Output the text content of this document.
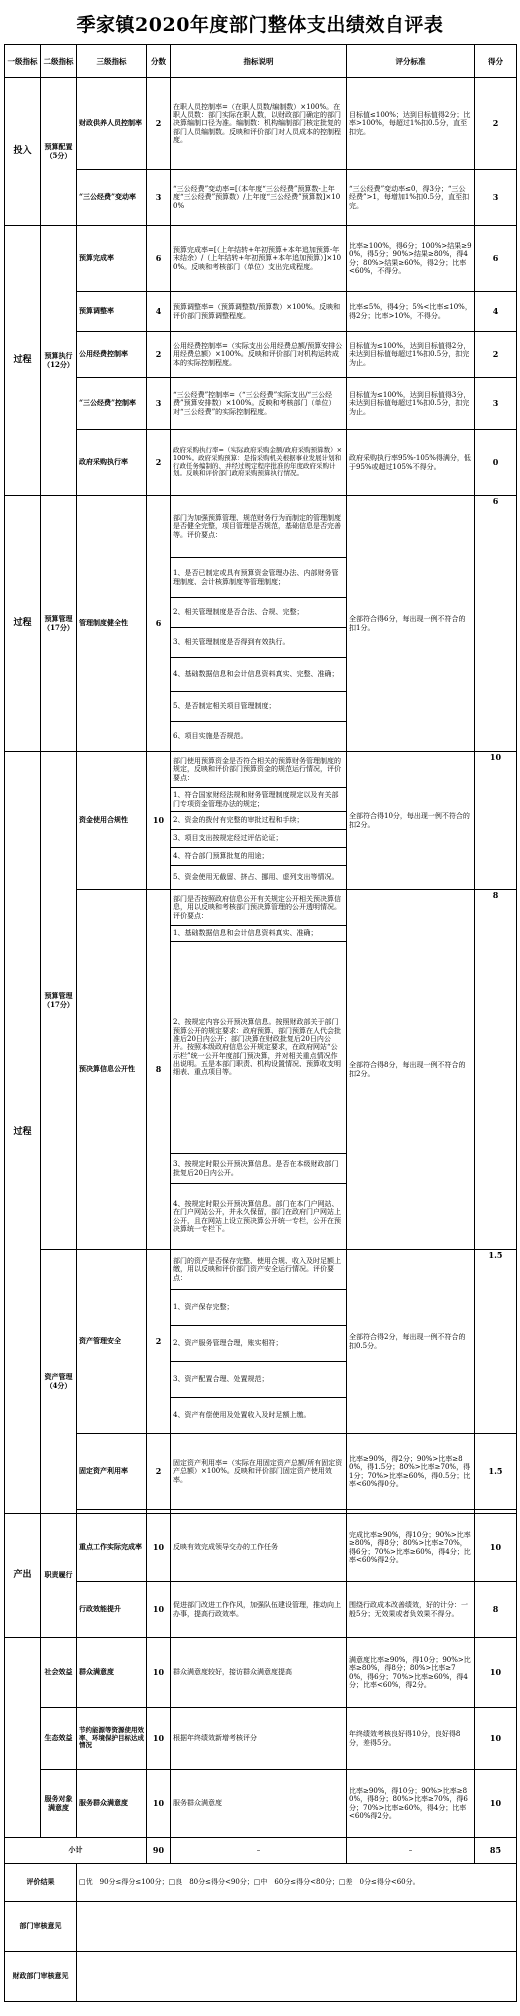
季家镇2020年度部门整体支出绩效自评表
一级指标	二级指标	三级指标	分数	指标说明	评分标准	得分
投入	预算配置（5分）	财政供养人员控制率	2	在职人员控制率=（在职人员数/编制数）×100%。在职人员数：部门实际在职人数，以财政部门确定的部门决算编制口径为准。编制数：机构编制部门核定批复的部门人员编制数。反映和评价部门对人员成本的控制程度。	目标值≤100%；达到目标值得2分；比率>100%，每超过1%扣0.5分，直至扣完。	2
		“三公经费”变动率	3	“三公经费”变动率=[（本年度“三公经费”预算数-上年度“三公经费”预算数）/上年度“三公经费”预算数]×100%	“三公经费”变动率≤0，得3分；“三公经费”>1，每增加1%扣0.5分，直至扣完。	3
过程	预算执行（12分）	预算完成率	6	预算完成率=[（上年结转+年初预算+本年追加预算-年末结余）/（上年结转+年初预算+本年追加预算）]×100%。反映和考核部门（单位）支出完成程度。	比率≥100%，得6分；100%>结果≥90%，得5分；90%>结果≥80%，得4分；80%>结果≥60%，得2分；比率<60%，不得分。	6
		预算调整率	4	预算调整率=（预算调整数/预算数）×100%。反映和评价部门预算调整程度。	比率≤5%，得4分；5%<比率≤10%，得2分；比率>10%，不得分。	4
		公用经费控制率	2	公用经费控制率=（实际支出公用经费总额/预算安排公用经费总额）×100%。反映和评价部门对机构运转成本的实际控制程度。	目标值为≤100%，达到目标值得2分，未达到目标值每超过1%扣0.5分，扣完为止。	2
		“三公经费”控制率	3	“三公经费”控制率=（“三公经费”实际支出/“三公经费”预算安排数）×100%。反映和考核部门（单位）对“三公经费”的实际控制程度。	目标值为≤100%，达到目标值得3分，未达到目标值每超过1%扣0.5分，扣完为止。	3
		政府采购执行率	2	政府采购执行率=（实际政府采购金额/政府采购预算数）×100%。政府采购预算：是指采购机关根据事业发展计划和行政任务编制的、并经过规定程序批准的年度政府采购计划。反映和评价部门政府采购预算执行情况。	政府采购执行率95%-105%得满分，低于95%或超过105%不得分。	0
过程	预算管理（17分）	管理制度健全性	6	部门为加强预算管理、规范财务行为而制定的管理制度是否健全完整，项目管理是否规范，基础信息是否完善等。评价要点：	全部符合得6分，每出现一例不符合的扣1分。	6
				1、是否已制定或具有预算资金管理办法、内部财务管理制度、会计核算制度等管理制度；		
				2、相关管理制度是否合法、合规、完整；		
				3、相关管理制度是否得到有效执行。		
				4、基础数据信息和会计信息资料真实、完整、准确；		
				5、是否制定相关项目管理制度；		
				6、项目实施是否规范。		
过程	预算管理（17分）	资金使用合规性	10	部门使用预算资金是否符合相关的预算财务管理制度的规定，反映和评价部门预算资金的规范运行情况，评价要点：	全部符合得10分，每出现一例不符合的扣2分。	10
				1、符合国家财经法规和财务管理制度规定以及有关部门专项资金管理办法的规定；		
				2、资金的拨付有完整的审批过程和手续；		
				3、项目支出按规定经过评估论证；		
				4、符合部门预算批复的用途；		
				5、资金使用无截留、挤占、挪用、虚列支出等情况。		
		预决算信息公开性	8	部门是否按照政府信息公开有关规定公开相关预决算信息，用以反映和考核部门预决算管理的公开透明情况。评价要点：	全部符合得8分，每出现一例不符合的扣2分。	8
				1、基础数据信息和会计信息资料真实、准确；		
				2、按规定内容公开预决算信息。按照财政部关于部门预算公开的规定要求：政府预算、部门预算在人代会批准后20日内公开；部门决算在财政批复后20日内公开。按照本级政府信息公开规定要求，在政府网站“公示栏”统一公开年度部门预决算，并对相关重点情况作出说明。五是本部门职责、机构设置情况、预算收支明细表、重点项目等。		
				3、按规定时限公开预决算信息。是否在本级财政部门批复后20日内公开。		
				4、按规定时限公开预决算信息。部门在本门户网站、在门户网站公开，并永久保留，部门在政府门户网站上公开，且在网站上设立预决算公开统一专栏，公开在预决算统一专栏下。		
	资产管理（4分）	资产管理安全	2	部门的资产是否保存完整、使用合规、收入及时足额上缴，用以反映和评价部门资产安全运行情况。评价要点：	全部符合得2分，每出现一例不符合的扣0.5分。	1.5
				1、资产保存完整；		
				2、资产服务管理合理，账实相符；		
				3、资产配置合理、处置规范；		
				4、资产有偿使用及处置收入及时足额上缴。		
		固定资产利用率	2	固定资产利用率=（实际在用固定资产总额/所有固定资产总额）×100%。反映和评价部门固定资产使用效率。	比率≥90%，得2分；90%>比率≥80%，得1.5分；80%>比率≥70%，得1分；70%>比率≥60%，得0.5分；比率<60%得0分。	1.5

产出	职责履行	重点工作实际完成率	10	反映有效完成领导交办的工作任务	完成比率≥90%，得10分；90%>比率≥80%，得8分；80%>比率≥70%，得6分；70%>比率≥60%，得4分；比率<60%得2分。	10
		行政效能提升	10	促进部门改进工作作风，加强队伍建设管理，推动向上办事，提高行政效率。	围绕行政成本改善绩效，好的计分：一般5分；无效果或者负效果不得分。	8
	社会效益	群众满意度	10	群众满意度较好，接访群众满意度提高	满意度比率≥90%，得10分；90%>比率≥80%，得8分；80%>比率≥70%，得6分；70%>比率≥60%，得4分；比率<60%，得2分。	10
	生态效益	节约能源等资源使用效率、环境保护目标达成情况	10	根据年终绩效新增考核评分	年终绩效考核良好得10分，良好得8分，差得5分。	10
	服务对象满意度	服务群众满意度	10	服务群众满意度	比率≥90%，得10分；90%>比率≥80%，得8分；80%>比率≥70%，得6分；70%>比率≥60%，得4分；比率<60%得2分。	10
小计			90	–	–	85
评价结果		□优　90分≤得分≤100分；□良　80分≤得分<90分；□中　60分≤得分<80分；□差　0分≤得分<60分。				
部门审核意见						
财政部门审核意见						
